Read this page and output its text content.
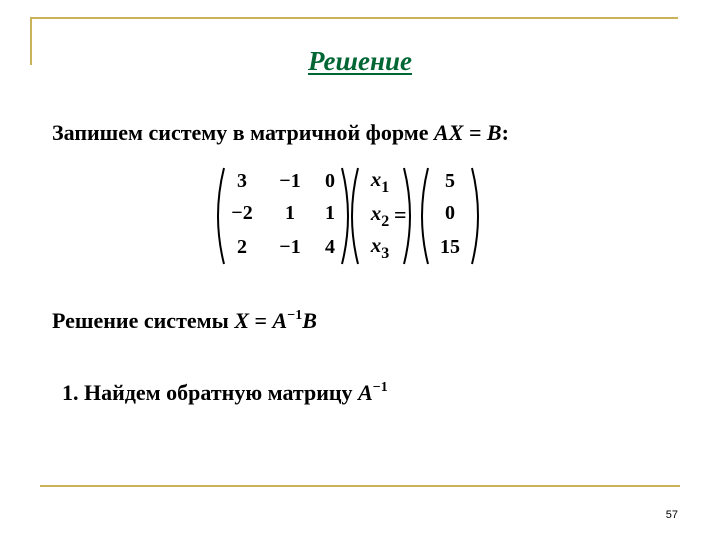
Решение
Запишем систему в матричной форме AX = B:
3	−1	0
−2	1	1
2	−1	4
$x_1$
$x_2$
$x_3$
=
5
0
15
Решение системы $X = A^{-1}B$
1. Найдем обратную матрицу $A^{-1}$
57
